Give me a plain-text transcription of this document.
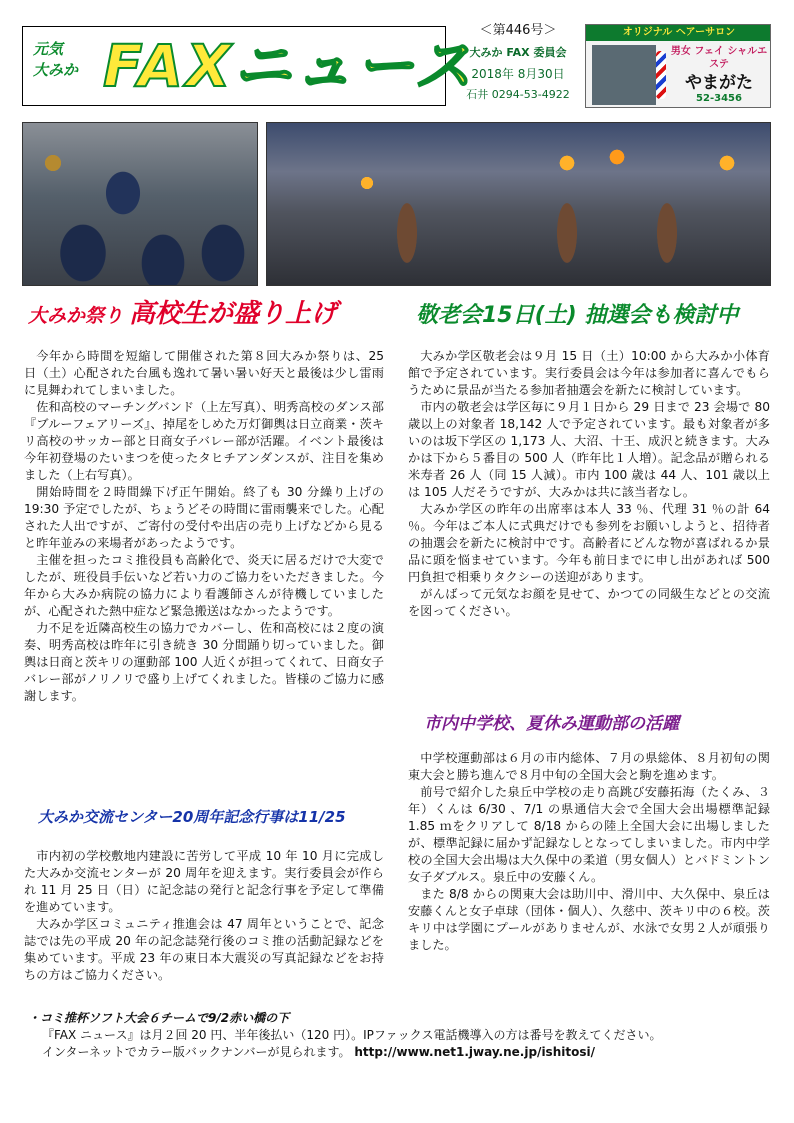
元気
大みか FAXニュース
＜第446号＞
大みか FAX 委員会
2018年 8月30日
石井 0294-53-4922
オリジナル ヘアーサロン
男女 フェイ シャルエステ
やまがた
52-3456
大みか祭り 高校生が盛り上げ

今年から時間を短縮して開催された第８回大みか祭りは、25 日（土）心配された台風も逸れて暑い暑い好天と最後は少し雷雨に見舞われてしまいました。

佐和高校のマーチングバンド（上左写真）、明秀高校のダンス部『ブルーフェアリーズ』、掉尾をしめた万灯御輿は日立商業・茨キリ高校のサッカー部と日商女子バレー部が活躍。イベント最後は今年初登場のたいまつを使ったタヒチアンダンスが、注目を集めました（上右写真）。

開始時間を２時間繰下げ正午開始。終了も 30 分繰り上げの 19:30 予定でしたが、ちょうどその時間に雷雨襲来でした。心配された人出ですが、ご寄付の受付や出店の売り上げなどから見ると昨年並みの来場者があったようです。

主催を担ったコミ推役員も高齢化で、炎天に居るだけで大変でしたが、班役員手伝いなど若い力のご協力をいただきました。今年から大みか病院の協力により看護師さんが待機していましたが、心配された熱中症など緊急搬送はなかったようです。

力不足を近隣高校生の協力でカバーし、佐和高校には２度の演奏、明秀高校は昨年に引き続き 30 分間踊り切っていました。御輿は日商と茨キリの運動部 100 人近くが担ってくれて、日商女子バレー部がノリノリで盛り上げてくれました。皆様のご協力に感謝します。

大みか交流センター20周年記念行事は11/25

市内初の学校敷地内建設に苦労して平成 10 年 10 月に完成した大みか交流センターが 20 周年を迎えます。実行委員会が作られ 11 月 25 日（日）に記念誌の発行と記念行事を予定して準備を進めています。

大みか学区コミュニティ推進会は 47 周年ということで、記念誌では先の平成 20 年の記念誌発行後のコミ推の活動記録などを集めています。平成 23 年の東日本大震災の写真記録などをお持ちの方はご協力ください。

敬老会15日(土) 抽選会も検討中

大みか学区敬老会は９月 15 日（土）10:00 から大みか小体育館で予定されています。実行委員会は今年は参加者に喜んでもらうために景品が当たる参加者抽選会を新たに検討しています。

市内の敬老会は学区毎に９月１日から 29 日まで 23 会場で 80 歳以上の対象者 18,142 人で予定されています。最も対象者が多いのは坂下学区の 1,173 人、大沼、十王、成沢と続きます。大みかは下から５番目の 500 人（昨年比１人増）。記念品が贈られる米寿者 26 人（同 15 人減）。市内 100 歳は 44 人、101 歳以上は 105 人だそうですが、大みかは共に該当者なし。

大みか学区の昨年の出席率は本人 33 ％、代理 31 ％の計 64 ％。今年はご本人に式典だけでも参列をお願いしようと、招待者の抽選会を新たに検討中です。高齢者にどんな物が喜ばれるか景品に頭を悩ませています。今年も前日までに申し出があれば 500 円負担で相乗りタクシーの送迎があります。

がんばって元気なお顔を見せて、かつての同級生などとの交流を図ってください。

市内中学校、夏休み運動部の活躍

中学校運動部は６月の市内総体、７月の県総体、８月初旬の関東大会と勝ち進んで８月中旬の全国大会と駒を進めます。

前号で紹介した泉丘中学校の走り高跳び安藤拓海（たくみ、３年）くんは 6/30 、7/1 の県通信大会で全国大会出場標準記録 1.85 ｍをクリアして 8/18 からの陸上全国大会に出場しましたが、標準記録に届かず記録なしとなってしまいました。市内中学校の全国大会出場は大久保中の柔道（男女個人）とバドミントン女子ダブルス。泉丘中の安藤くん。

また 8/8 からの関東大会は助川中、滑川中、大久保中、泉丘は安藤くんと女子卓球（団体・個人）、久慈中、茨キリ中の６校。茨キリ中は学園にプールがありませんが、水泳で女男２人が頑張りました。

・コミ推杯ソフト大会６チームで9/2赤い橋の下
『FAX ニュース』は月２回 20 円、半年後払い（120 円）。IPファックス電話機導入の方は番号を教えてください。
インターネットでカラー版バックナンバーが見られます。 http://www.net1.jway.ne.jp/ishitosi/
